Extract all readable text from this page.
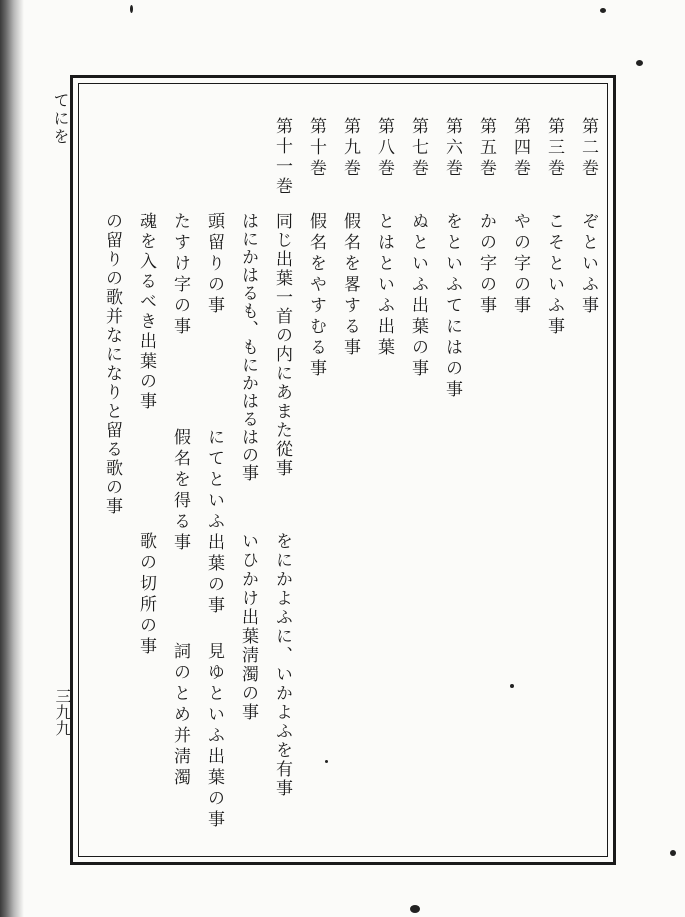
てにを
三九九
第二巻
ぞといふ事
第三巻
こそといふ事
第四巻
やの字の事
第五巻
かの字の事
第六巻
をといふてにはの事
第七巻
ぬといふ出葉の事
第八巻
とはといふ出葉
第九巻
假名を畧する事
第十巻
假名をやすむる事
第十一巻
同じ出葉一首の内にあまた從事
をにかよふに、いかよふを有事
はにかはるも、もにかはるはの事
いひかけ出葉淸濁の事
頭留りの事
にてといふ出葉の事
見ゆといふ出葉の事
たすけ字の事
假名を得る事
詞のとめ并淸濁
魂を入るべき出葉の事
歌の切所の事
の留りの歌并なになりと留る歌の事
